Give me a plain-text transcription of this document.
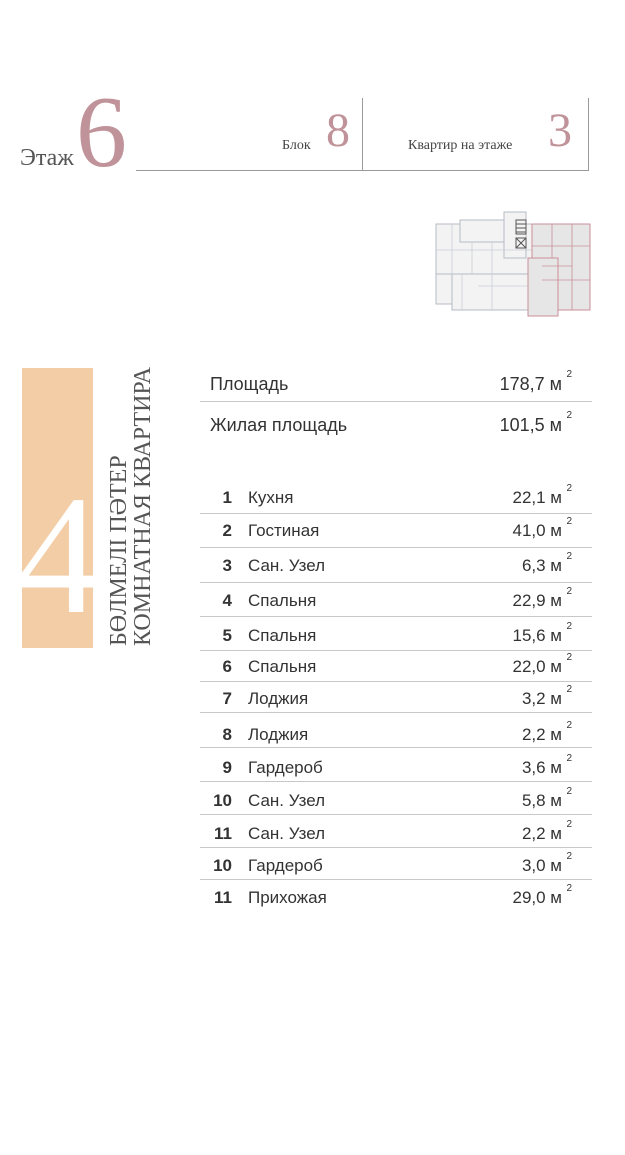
Этаж 6	Блок 8	Квартир на этаже 3
4 БӨЛМЕЛІ ПӘТЕР
КОМНАТНАЯ КВАРТИРА	Площадь	178,7 м 2
Жилая площадь	101,5 м 2
1 Кухня	22,1 м 2
2 Гостиная	41,0 м 2
3 Сан. Узел	6,3 м 2
4 Спальня	22,9 м 2
5 Спальня	15,6 м 2
6 Спальня	22,0 м 2
7 Лоджия	3,2 м 2
8 Лоджия	2,2 м 2
9 Гардероб	3,6 м 2
10 Сан. Узел	5,8 м 2
11 Сан. Узел	2,2 м 2
10 Гардероб	3,0 м 2
11 Прихожая	29,0 м 2
